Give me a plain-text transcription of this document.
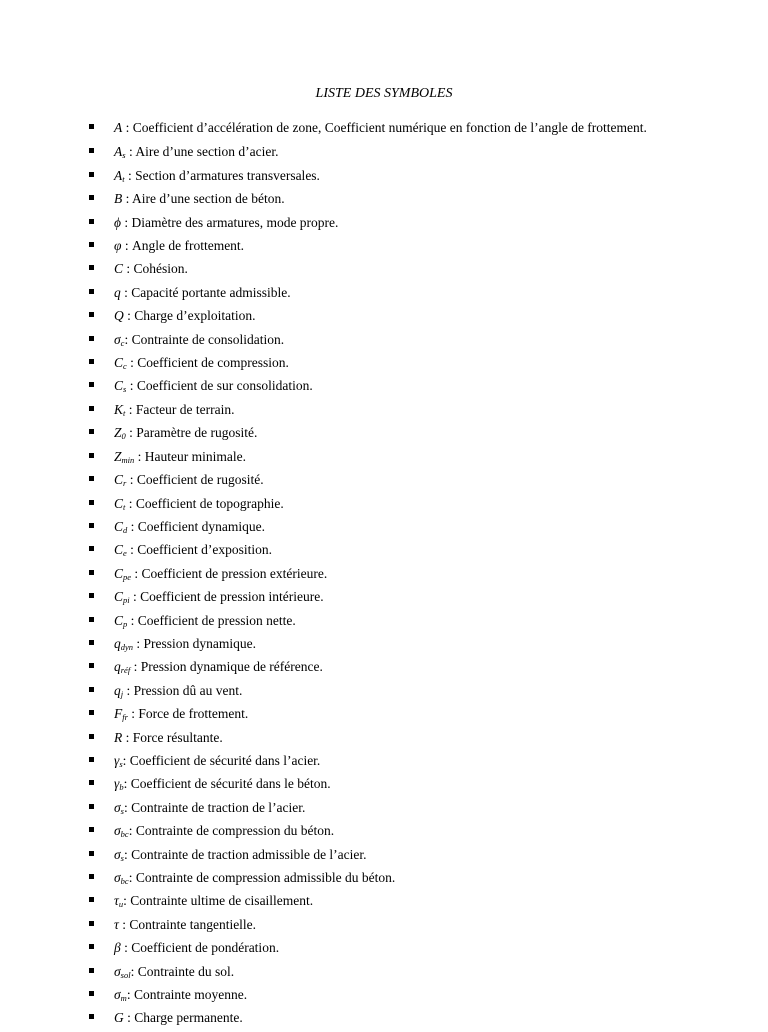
LISTE DES SYMBOLES
A : Coefficient d’accélération de zone, Coefficient numérique en fonction de l’angle de frottement.
$A_s$ : Aire d’une section d’acier.
$A_t$ : Section d’armatures transversales.
B : Aire d’une section de béton.
ϕ : Diamètre des armatures, mode propre.
φ : Angle de frottement.
C : Cohésion.
q : Capacité portante admissible.
Q : Charge d’exploitation.
$\sigma_c$: Contrainte de consolidation.
$C_c$ : Coefficient de compression.
$C_s$ : Coefficient de sur consolidation.
$K_t$ : Facteur de terrain.
$Z_0$ : Paramètre de rugosité.
$Z_{min}$ : Hauteur minimale.
$C_r$ : Coefficient de rugosité.
$C_t$ : Coefficient de topographie.
$C_d$ : Coefficient dynamique.
$C_e$ : Coefficient d’exposition.
$C_{pe}$ : Coefficient de pression extérieure.
$C_{pi}$ : Coefficient de pression intérieure.
$C_p$ : Coefficient de pression nette.
$q_{dyn}$ : Pression dynamique.
$q_{réf}$ : Pression dynamique de référence.
$q_j$ : Pression dû au vent.
$F_{fr}$ : Force de frottement.
R : Force résultante.
$\gamma_s$: Coefficient de sécurité dans l’acier.
$\gamma_b$: Coefficient de sécurité dans le béton.
$\sigma_s$: Contrainte de traction de l’acier.
$\sigma_{bc}$: Contrainte de compression du béton.
$\sigma_s$: Contrainte de traction admissible de l’acier.
$\sigma_{bc}$: Contrainte de compression admissible du béton.
$\tau_u$: Contrainte ultime de cisaillement.
τ : Contrainte tangentielle.
β : Coefficient de pondération.
$\sigma_{sol}$: Contrainte du sol.
$\sigma_m$: Contrainte moyenne.
G : Charge permanente.
